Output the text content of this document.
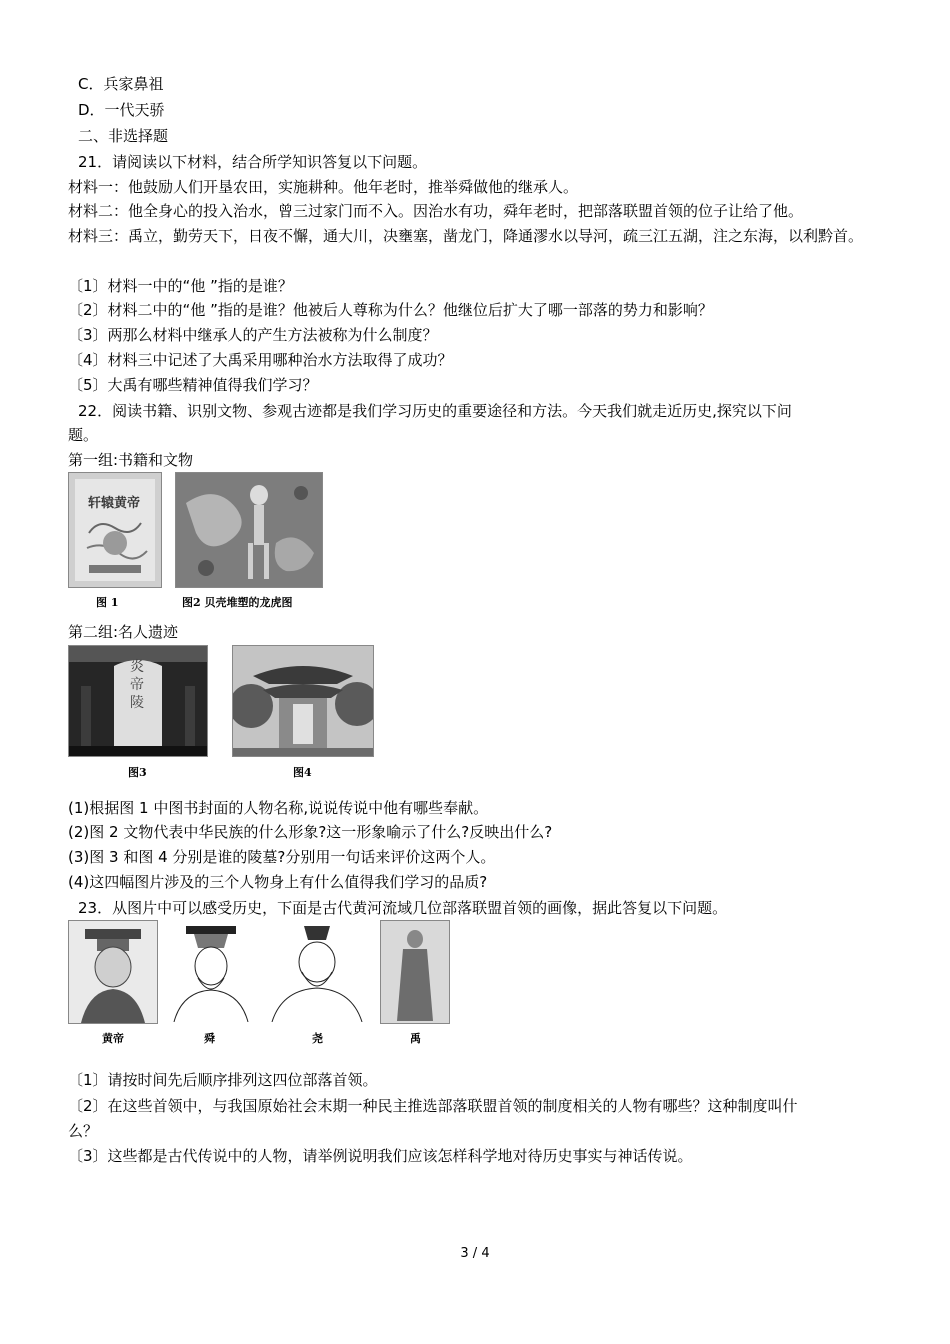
C．兵家鼻祖
D．一代天骄
二、非选择题
21．请阅读以下材料，结合所学知识答复以下问题。
材料一：他鼓励人们开垦农田，实施耕种。他年老时，推举舜做他的继承人。
材料二：他全身心的投入治水，曾三过家门而不入。因治水有功，舜年老时，把部落联盟首领的位子让给了他。
材料三：禹立，勤劳天下，日夜不懈，通大川，决壅塞，凿龙门，降通漻水以导河，疏三江五湖，注之东海，以利黔首。
〔1〕材料一中的“他 ”指的是谁？
〔2〕材料二中的“他 ”指的是谁？他被后人尊称为什么？他继位后扩大了哪一部落的势力和影响？
〔3〕两那么材料中继承人的产生方法被称为什么制度？
〔4〕材料三中记述了大禹采用哪种治水方法取得了成功？
〔5〕大禹有哪些精神值得我们学习？
22．阅读书籍、识别文物、参观古迹都是我们学习历史的重要途径和方法。今天我们就走近历史,探究以下问
题。
第一组:书籍和文物
轩辕黄帝
图 1	图2 贝壳堆塑的龙虎图
第二组:名人遗迹
炎帝陵
图3	图4
(1)根据图 1 中图书封面的人物名称,说说传说中他有哪些奉献。
(2)图 2 文物代表中华民族的什么形象?这一形象喻示了什么?反映出什么?
(3)图 3 和图 4 分别是谁的陵墓?分别用一句话来评价这两个人。
(4)这四幅图片涉及的三个人物身上有什么值得我们学习的品质?
23．从图片中可以感受历史，下面是古代黄河流域几位部落联盟首领的画像，据此答复以下问题。
黄帝	舜	尧	禹
〔1〕请按时间先后顺序排列这四位部落首领。
〔2〕在这些首领中，与我国原始社会末期一种民主推选部落联盟首领的制度相关的人物有哪些？这种制度叫什
么？
〔3〕这些都是古代传说中的人物，请举例说明我们应该怎样科学地对待历史事实与神话传说。
3 / 4
